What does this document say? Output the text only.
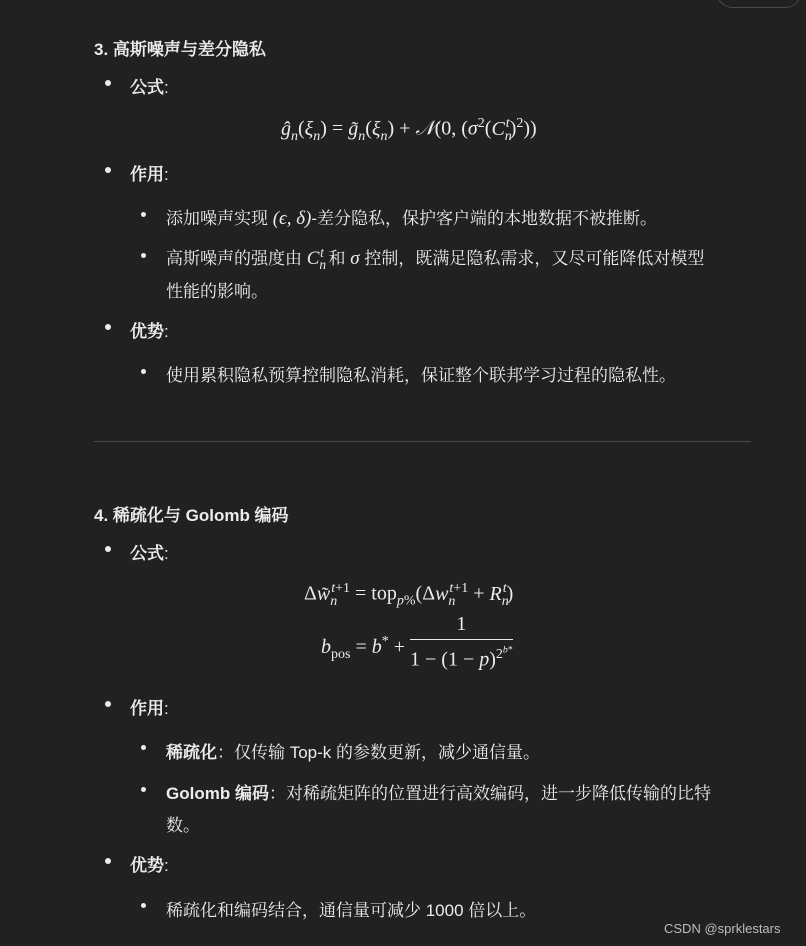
3. 高斯噪声与差分隐私
公式:
$ĝ_n(\xi_n)$ = $g̃_n(\xi_n)$ + 𝒩(0, $(\sigma^2(C_n^t)^2)$)
作用:
添加噪声实现 (ϵ, δ)-差分隐私，保护客户端的本地数据不被推断。
高斯噪声的强度由 $C_n^t$ 和 σ 控制，既满足隐私需求，又尽可能降低对模型
性能的影响。
优势:
使用累积隐私预算控制隐私消耗，保证整个联邦学习过程的隐私性。
4. 稀疏化与 Golomb 编码
公式:
$\Delta w̃_n^{t+1} = top_{p\%}(\Delta w_n^{t+1} + R_n^t)$
$b_{pos} = b^* + \frac{1}{1 - (1 - p)^{2^{b*}}}$
作用:
稀疏化：仅传输 Top-k 的参数更新，减少通信量。
Golomb 编码：对稀疏矩阵的位置进行高效编码，进一步降低传输的比特
数。
优势:
稀疏化和编码结合，通信量可减少 1000 倍以上。
CSDN @sprklestars
